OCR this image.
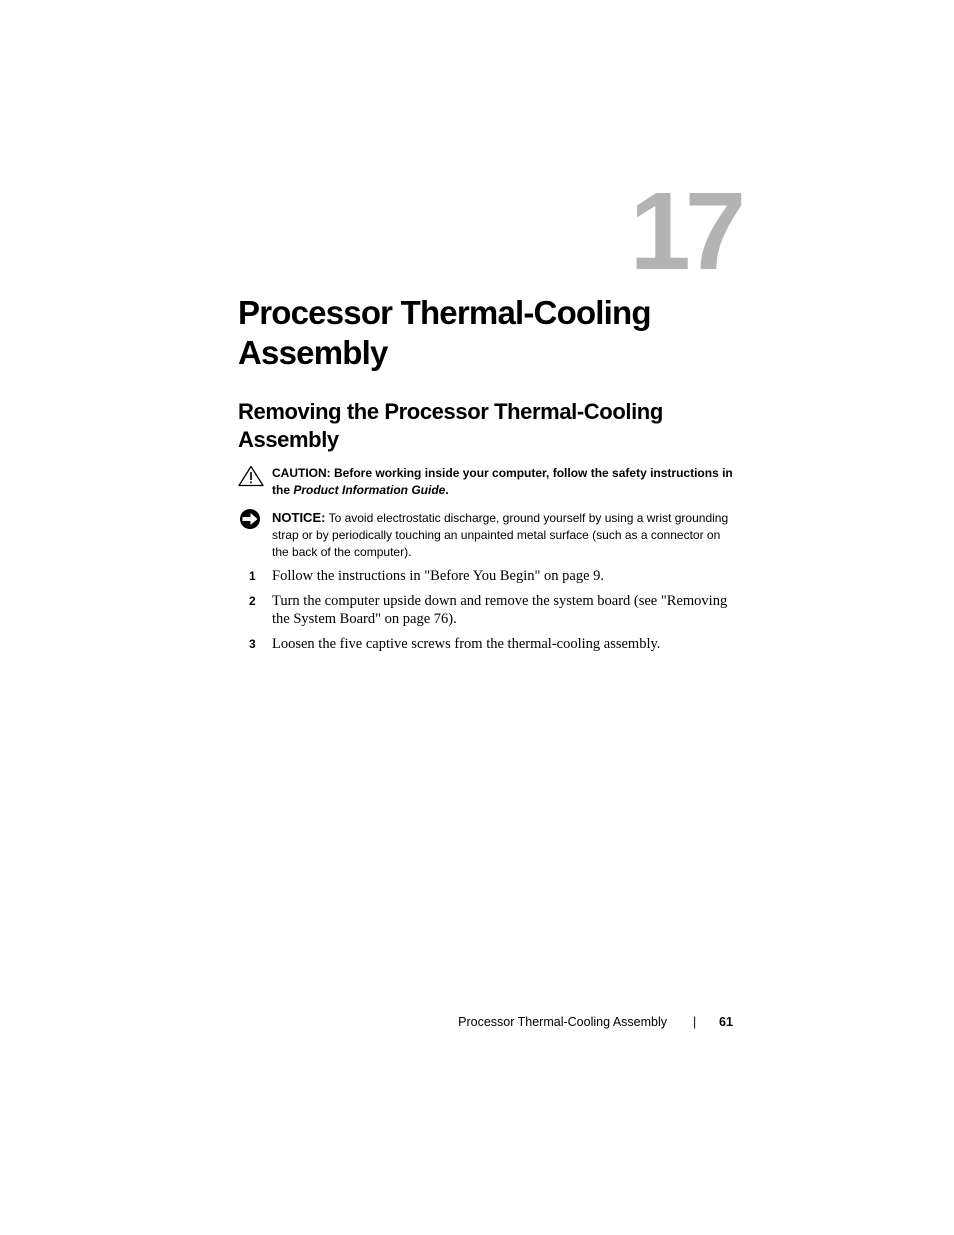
17
Processor Thermal-Cooling Assembly
Removing the Processor Thermal-Cooling Assembly
CAUTION: Before working inside your computer, follow the safety instructions in the Product Information Guide.
NOTICE: To avoid electrostatic discharge, ground yourself by using a wrist grounding strap or by periodically touching an unpainted metal surface (such as a connector on the back of the computer).
1 Follow the instructions in "Before You Begin" on page 9.
2 Turn the computer upside down and remove the system board (see "Removing the System Board" on page 76).
3 Loosen the five captive screws from the thermal-cooling assembly.
Processor Thermal-Cooling Assembly | 61
